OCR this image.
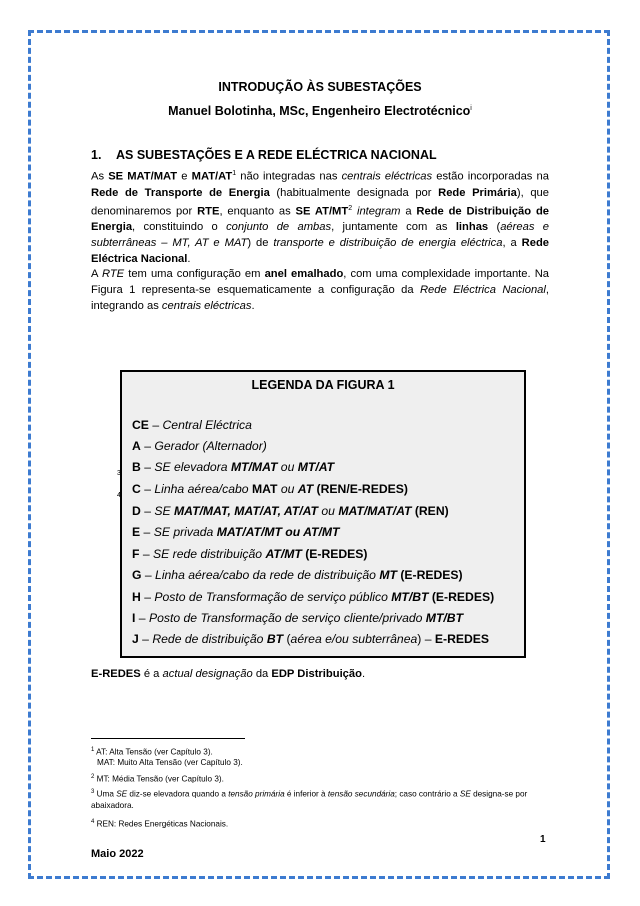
INTRODUÇÃO ÀS SUBESTAÇÕES
Manuel Bolotinha, MSc, Engenheiro Electrotécnico$^i$
1. AS SUBESTAÇÕES E A REDE ELÉCTRICA NACIONAL
As SE MAT/MAT e MAT/$AT^1$ não integradas nas centrais eléctricas estão incorporadas na Rede de Transporte de Energia (habitualmente designada por Rede Primária), que denominaremos por RTE, enquanto as SE $AT/MT^2$ integram a Rede de Distribuição de Energia, constituindo o conjunto de ambas, juntamente com as linhas (aéreas e subterrâneas – MT, AT e MAT) de transporte e distribuição de energia eléctrica, a Rede Eléctrica Nacional.
A RTE tem uma configuração em anel emalhado, com uma complexidade importante. Na Figura 1 representa-se esquematicamente a configuração da Rede Eléctrica Nacional, integrando as centrais eléctricas.
LEGENDA DA FIGURA 1
CE – Central Eléctrica
A – Gerador (Alternador)
B – SE elevadora MT/MAT ou MT/AT
C – Linha aérea/cabo MAT ou AT (REN/E-REDES)
D – SE MAT/MAT, MAT/AT, AT/AT ou MAT/MAT/AT (REN)
E – SE privada MAT/AT/MT ou AT/MT
F – SE rede distribuição AT/MT (E-REDES)
G – Linha aérea/cabo da rede de distribuição MT (E-REDES)
H – Posto de Transformação de serviço público MT/BT (E-REDES)
I – Posto de Transformação de serviço cliente/privado MT/BT
J – Rede de distribuição BT (aérea e/ou subterrânea) – E-REDES
3
4
E-REDES é a actual designação da EDP Distribuição.
$^1$ AT: Alta Tensão (ver Capítulo 3).
MAT: Muito Alta Tensão (ver Capítulo 3).
$^2$ MT: Média Tensão (ver Capítulo 3).
$^3$ Uma SE diz-se elevadora quando a tensão primária é inferior à tensão secundária; caso contrário a SE designa-se por abaixadora.
$^4$ REN: Redes Energéticas Nacionais.
1
Maio 2022
